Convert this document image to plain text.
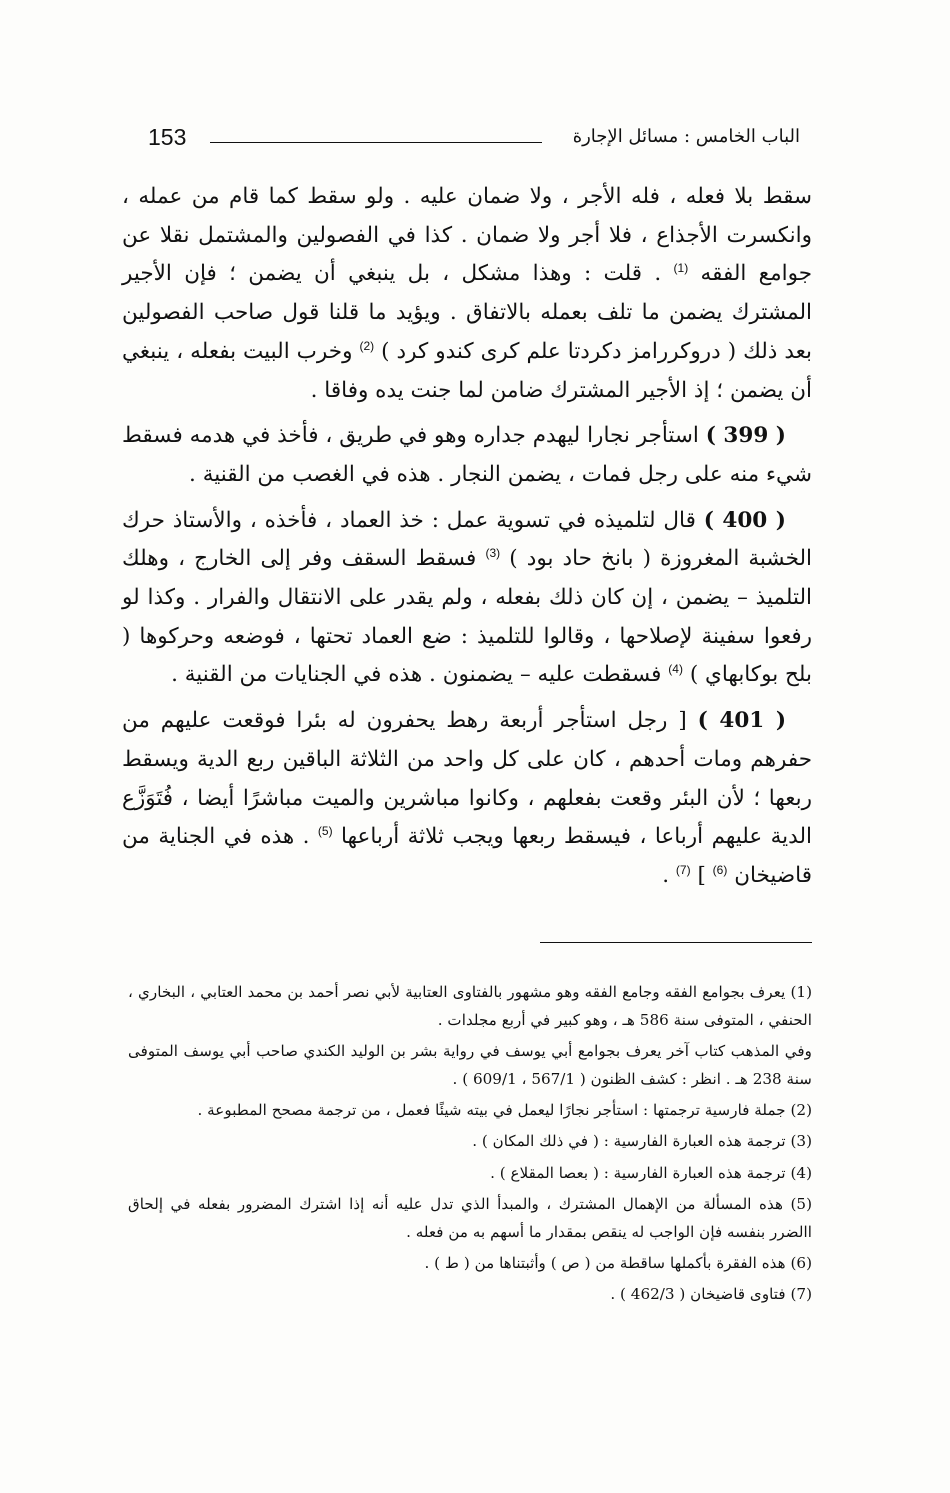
153	الباب الخامس : مسائل الإجارة

سقط بلا فعله ، فله الأجر ، ولا ضمان عليه . ولو سقط كما قام من عمله ، وانكسرت الأجذاع ، فلا أجر ولا ضمان . كذا في الفصولين والمشتمل نقلا عن جوامع الفقه $^{(1)}$ . قلت : وهذا مشكل ، بل ينبغي أن يضمن ؛ فإن الأجير المشترك يضمن ما تلف بعمله بالاتفاق . ويؤيد ما قلنا قول صاحب الفصولين بعد ذلك ( دروكررامز دكردتا علم كرى كندو كرد ) $^{(2)}$ وخرب البيت بفعله ، ينبغي أن يضمن ؛ إذ الأجير المشترك ضامن لما جنت يده وفاقا .

( 399 ) استأجر نجارا ليهدم جداره وهو في طريق ، فأخذ في هدمه فسقط شيء منه على رجل فمات ، يضمن النجار . هذه في الغصب من القنية .

( 400 ) قال لتلميذه في تسوية عمل : خذ العماد ، فأخذه ، والأستاذ حرك الخشبة المغروزة ( بانخ حاد بود ) $^{(3)}$ فسقط السقف وفر إلى الخارج ، وهلك التلميذ – يضمن ، إن كان ذلك بفعله ، ولم يقدر على الانتقال والفرار . وكذا لو رفعوا سفينة لإصلاحها ، وقالوا للتلميذ : ضع العماد تحتها ، فوضعه وحركوها ( بلح بوكابهاي ) $^{(4)}$ فسقطت عليه – يضمنون . هذه في الجنايات من القنية .

( 401 ) [ رجل استأجر أربعة رهط يحفرون له بئرا فوقعت عليهم من حفرهم ومات أحدهم ، كان على كل واحد من الثلاثة الباقين ربع الدية ويسقط ربعها ؛ لأن البئر وقعت بفعلهم ، وكانوا مباشرين والميت مباشرًا أيضا ، فُتَوَزَّع الدية عليهم أرباعا ، فيسقط ربعها ويجب ثلاثة أرباعها $^{(5)}$ . هذه في الجناية من قاضيخان $^{(6)}$ ] $^{(7)}$ .

(1) يعرف بجوامع الفقه وجامع الفقه وهو مشهور بالفتاوى العتابية لأبي نصر أحمد بن محمد العتابي ، البخاري ، الحنفي ، المتوفى سنة 586 هـ ، وهو كبير في أربع مجلدات .

وفي المذهب كتاب آخر يعرف بجوامع أبي يوسف في رواية بشر بن الوليد الكندي صاحب أبي يوسف المتوفى سنة 238 هـ . انظر : كشف الظنون ( 567/1 ، 609/1 ) .

(2) جملة فارسية ترجمتها : استأجر نجارًا ليعمل في بيته شيئًا فعمل ، من ترجمة مصحح المطبوعة .

(3) ترجمة هذه العبارة الفارسية : ( في ذلك المكان ) .

(4) ترجمة هذه العبارة الفارسية : ( بعصا المقلاع ) .

(5) هذه المسألة من الإهمال المشترك ، والمبدأ الذي تدل عليه أنه إذا اشترك المضرور بفعله في إلحاق االضرر بنفسه فإن الواجب له ينقص بمقدار ما أسهم به من فعله .

(6) هذه الفقرة بأكملها ساقطة من ( ص ) وأثبتناها من ( ط ) .

(7) فتاوى قاضيخان ( 462/3 ) .
